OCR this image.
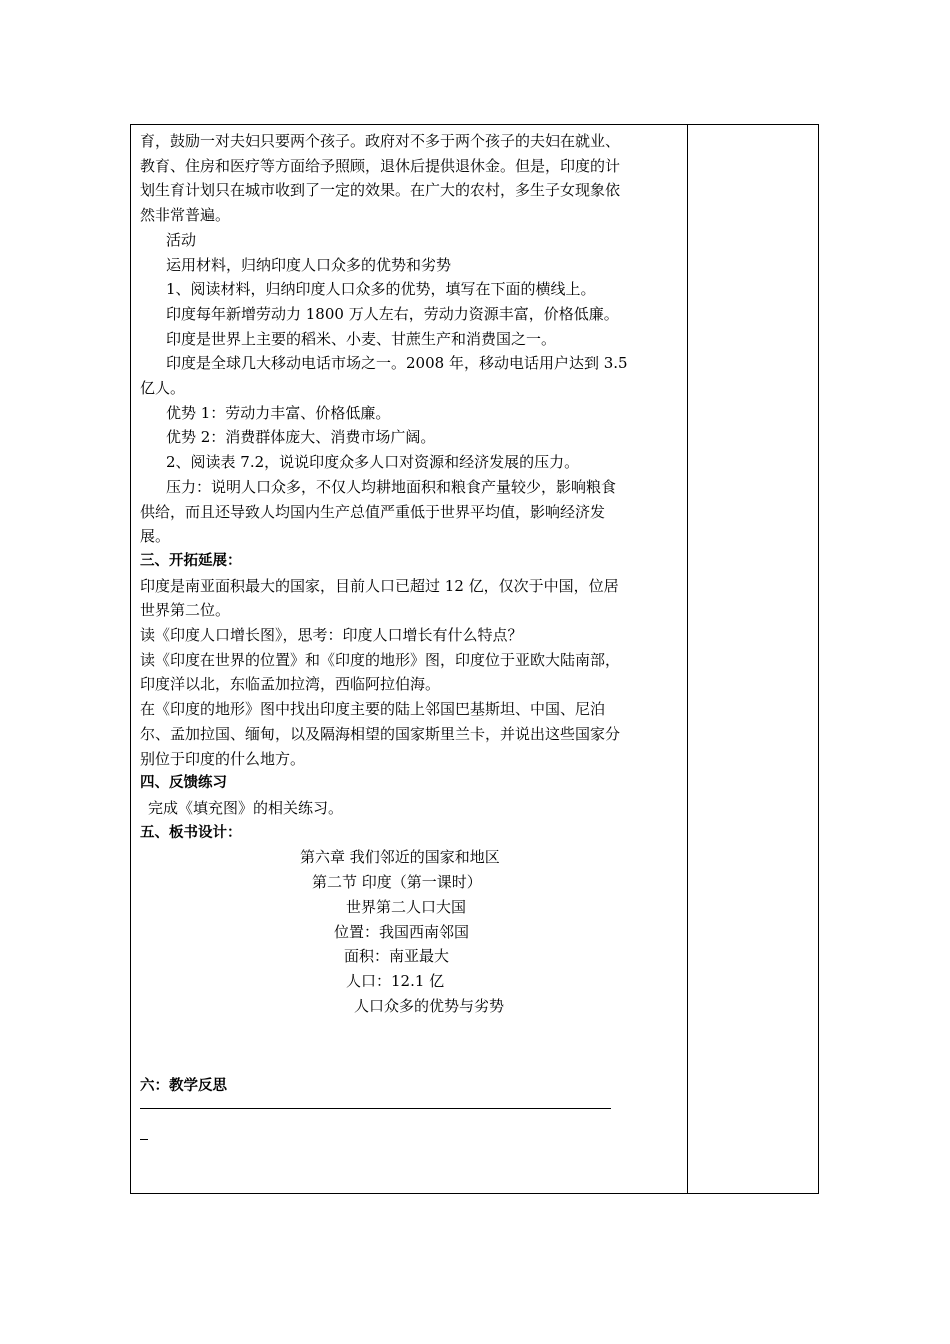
育，鼓励一对夫妇只要两个孩子。政府对不多于两个孩子的夫妇在就业、

教育、住房和医疗等方面给予照顾，退休后提供退休金。但是，印度的计

划生育计划只在城市收到了一定的效果。在广大的农村，多生子女现象依

然非常普遍。

活动

运用材料，归纳印度人口众多的优势和劣势

1、阅读材料，归纳印度人口众多的优势，填写在下面的横线上。

印度每年新增劳动力 1800 万人左右，劳动力资源丰富，价格低廉。

印度是世界上主要的稻米、小麦、甘蔗生产和消费国之一。

印度是全球几大移动电话市场之一。2008 年，移动电话用户达到 3.5

亿人。

优势 1：劳动力丰富、价格低廉。

优势 2：消费群体庞大、消费市场广阔。

2、阅读表 7.2，说说印度众多人口对资源和经济发展的压力。

压力：说明人口众多，不仅人均耕地面积和粮食产量较少，影响粮食

供给，而且还导致人均国内生产总值严重低于世界平均值，影响经济发

展。

三、开拓延展：

印度是南亚面积最大的国家，目前人口已超过 12 亿，仅次于中国，位居

世界第二位。

读《印度人口增长图》，思考：印度人口增长有什么特点？

读《印度在世界的位置》和《印度的地形》图，印度位于亚欧大陆南部，

印度洋以北，东临孟加拉湾，西临阿拉伯海。

在《印度的地形》图中找出印度主要的陆上邻国巴基斯坦、中国、尼泊

尔、孟加拉国、缅甸，以及隔海相望的国家斯里兰卡，并说出这些国家分

别位于印度的什么地方。

四、反馈练习

完成《填充图》的相关练习。

五、板书设计：

第六章 我们邻近的国家和地区

第二节 印度（第一课时）

世界第二人口大国

位置：我国西南邻国

面积：南亚最大

人口：12.1 亿

人口众多的优势与劣势

六：教学反思
